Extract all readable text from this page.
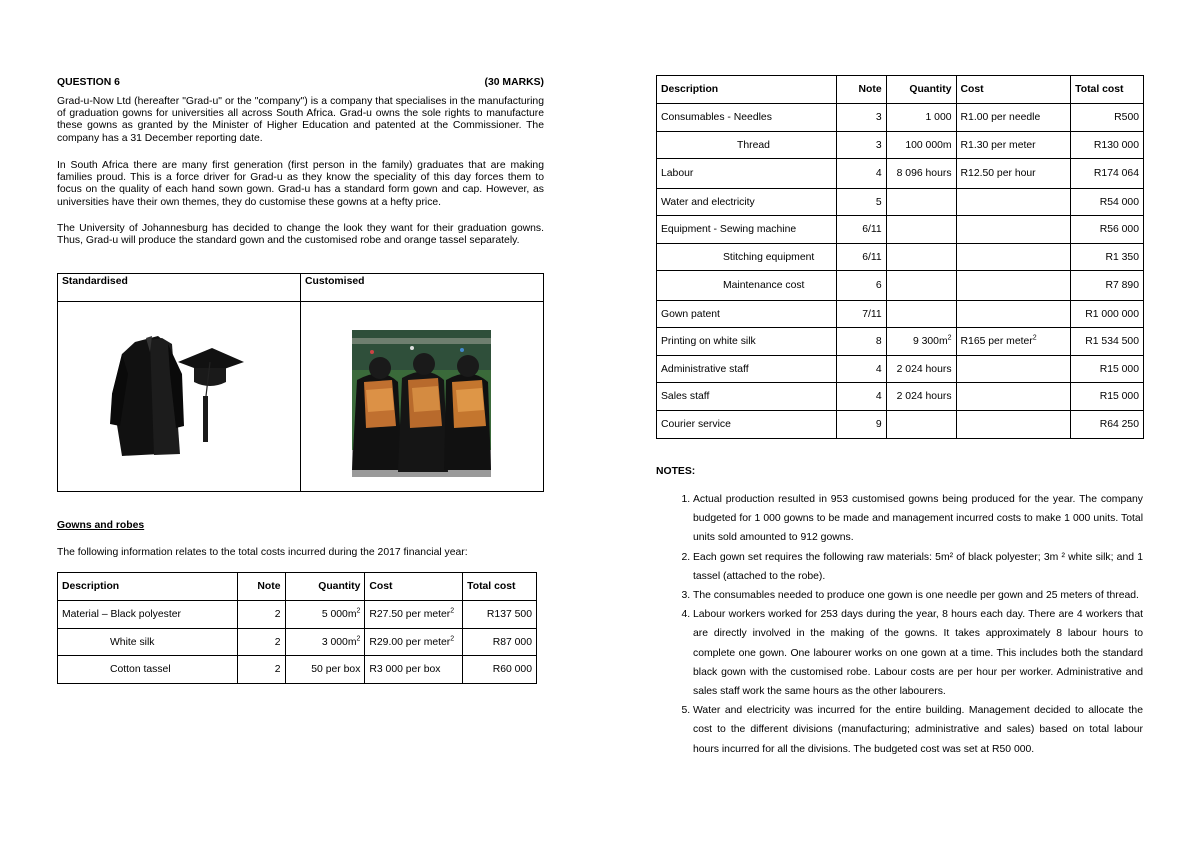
QUESTION 6	(30 MARKS)
Grad-u-Now Ltd (hereafter "Grad-u" or the "company") is a company that specialises in the manufacturing of graduation gowns for universities all across South Africa. Grad-u owns the sole rights to manufacture these gowns as granted by the Minister of Higher Education and patented at the Commissioner. The company has a 31 December reporting date.
In South Africa there are many first generation (first person in the family) graduates that are making families proud. This is a force driver for Grad-u as they know the speciality of this day forces them to focus on the quality of each hand sown gown. Grad-u has a standard form gown and cap. However, as universities have their own themes, they do customise these gowns at a hefty price.
The University of Johannesburg has decided to change the look they want for their graduation gowns. Thus, Grad-u will produce the standard gown and the customised robe and orange tassel separately.
Standardised	Customised
Gowns and robes
The following information relates to the total costs incurred during the 2017 financial year:
Description	Note	Quantity	Cost	Total cost
Material – Black polyester	2	5 $000m^2$	R27.50 per meter$^2$	R137 500
White silk	2	3 $000m^2$	R29.00 per meter$^2$	R87 000
Cotton tassel	2	50 per box	R3 000 per box	R60 000
Description	Note	Quantity	Cost	Total cost
Consumables - Needles	3	1 000	R1.00 per needle	R500
Thread	3	100 000m	R1.30 per meter	R130 000
Labour	4	8 096 hours	R12.50 per hour	R174 064
Water and electricity	5			R54 000
Equipment - Sewing machine	6/11			R56 000
Stitching equipment	6/11			R1 350
Maintenance cost	6			R7 890
Gown patent	7/11			R1 000 000
Printing on white silk	8	9 $300m^2$	R165 per meter$^2$	R1 534 500
Administrative staff	4	2 024 hours		R15 000
Sales staff	4	2 024 hours		R15 000
Courier service	9			R64 250
NOTES:
1. Actual production resulted in 953 customised gowns being produced for the year. The company budgeted for 1 000 gowns to be made and management incurred costs to make 1 000 units. Total units sold amounted to 912 gowns.
2. Each gown set requires the following raw materials: 5m² of black polyester; 3m ² white silk; and 1 tassel (attached to the robe).
3. The consumables needed to produce one gown is one needle per gown and 25 meters of thread.
4. Labour workers worked for 253 days during the year, 8 hours each day. There are 4 workers that are directly involved in the making of the gowns. It takes approximately 8 labour hours to complete one gown. One labourer works on one gown at a time. This includes both the standard black gown with the customised robe. Labour costs are per hour per worker. Administrative and sales staff work the same hours as the other labourers.
5. Water and electricity was incurred for the entire building. Management decided to allocate the cost to the different divisions (manufacturing; administrative and sales) based on total labour hours incurred for all the divisions. The budgeted cost was set at R50 000.
